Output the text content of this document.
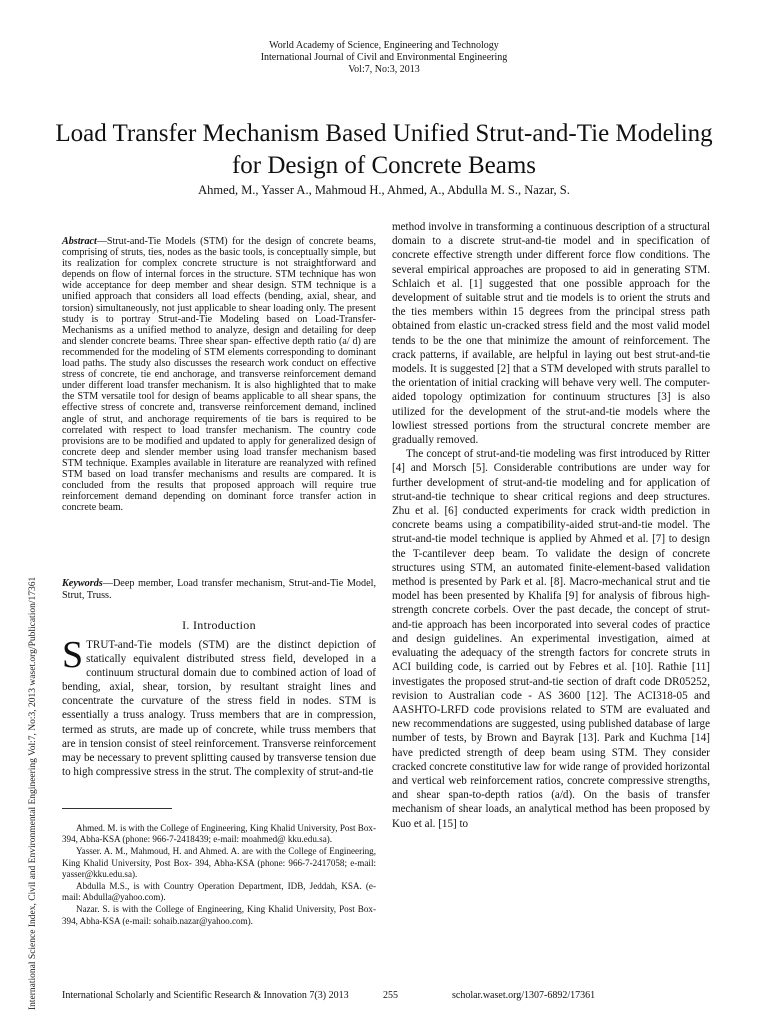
World Academy of Science, Engineering and Technology
International Journal of Civil and Environmental Engineering
Vol:7, No:3, 2013
Load Transfer Mechanism Based Unified Strut-and-Tie Modeling for Design of Concrete Beams
Ahmed, M., Yasser A., Mahmoud H., Ahmed, A., Abdulla M. S., Nazar, S.
International Science Index, Civil and Environmental Engineering Vol:7, No:3, 2013 waset.org/Publication/17361
Abstract—Strut-and-Tie Models (STM) for the design of concrete beams, comprising of struts, ties, nodes as the basic tools, is conceptually simple, but its realization for complex concrete structure is not straightforward and depends on flow of internal forces in the structure. STM technique has won wide acceptance for deep member and shear design. STM technique is a unified approach that considers all load effects (bending, axial, shear, and torsion) simultaneously, not just applicable to shear loading only. The present study is to portray Strut-and-Tie Modeling based on Load-Transfer-Mechanisms as a unified method to analyze, design and detailing for deep and slender concrete beams. Three shear span- effective depth ratio (a/ d) are recommended for the modeling of STM elements corresponding to dominant load paths. The study also discusses the research work conduct on effective stress of concrete, tie end anchorage, and transverse reinforcement demand under different load transfer mechanism. It is also highlighted that to make the STM versatile tool for design of beams applicable to all shear spans, the effective stress of concrete and, transverse reinforcement demand, inclined angle of strut, and anchorage requirements of tie bars is required to be correlated with respect to load transfer mechanism. The country code provisions are to be modified and updated to apply for generalized design of concrete deep and slender member using load transfer mechanism based STM technique. Examples available in literature are reanalyzed with refined STM based on load transfer mechanisms and results are compared. It is concluded from the results that proposed approach will require true reinforcement demand depending on dominant force transfer action in concrete beam.
Keywords—Deep member, Load transfer mechanism, Strut-and-Tie Model, Strut, Truss.
I. Introduction
STRUT-and-Tie models (STM) are the distinct depiction of statically equivalent distributed stress field, developed in a continuum structural domain due to combined action of load of bending, axial, shear, torsion, by resultant straight lines and concentrate the curvature of the stress field in nodes. STM is essentially a truss analogy. Truss members that are in compression, termed as struts, are made up of concrete, while truss members that are in tension consist of steel reinforcement. Transverse reinforcement may be necessary to prevent splitting caused by transverse tension due to high compressive stress in the strut. The complexity of strut-and-tie

Ahmed. M. is with the College of Engineering, King Khalid University, Post Box- 394, Abha-KSA (phone: 966-7-2418439; e-mail: moahmed@ kku.edu.sa).

Yasser. A. M., Mahmoud, H. and Ahmed. A. are with the College of Engineering, King Khalid University, Post Box- 394, Abha-KSA (phone: 966-7-2417058; e-mail: yasser@kku.edu.sa).

Abdulla M.S., is with Country Operation Department, IDB, Jeddah, KSA. (e-mail: Abdulla@yahoo.com).

Nazar. S. is with the College of Engineering, King Khalid University, Post Box- 394, Abha-KSA (e-mail: sohaib.nazar@yahoo.com).

method involve in transforming a continuous description of a structural domain to a discrete strut-and-tie model and in specification of concrete effective strength under different force flow conditions. The several empirical approaches are proposed to aid in generating STM. Schlaich et al. [1] suggested that one possible approach for the development of suitable strut and tie models is to orient the struts and the ties members within 15 degrees from the principal stress path obtained from elastic un-cracked stress field and the most valid model tends to be the one that minimize the amount of reinforcement. The crack patterns, if available, are helpful in laying out best strut-and-tie models. It is suggested [2] that a STM developed with struts parallel to the orientation of initial cracking will behave very well. The computer-aided topology optimization for continuum structures [3] is also utilized for the development of the strut-and-tie models where the lowliest stressed portions from the structural concrete member are gradually removed.

The concept of strut-and-tie modeling was first introduced by Ritter [4] and Morsch [5]. Considerable contributions are under way for further development of strut-and-tie modeling and for application of strut-and-tie technique to shear critical regions and deep structures. Zhu et al. [6] conducted experiments for crack width prediction in concrete beams using a compatibility-aided strut-and-tie model. The strut-and-tie model technique is applied by Ahmed et al. [7] to design the T-cantilever deep beam. To validate the design of concrete structures using STM, an automated finite-element-based validation method is presented by Park et al. [8]. Macro-mechanical strut and tie model has been presented by Khalifa [9] for analysis of fibrous high-strength concrete corbels. Over the past decade, the concept of strut-and-tie approach has been incorporated into several codes of practice and design guidelines. An experimental investigation, aimed at evaluating the adequacy of the strength factors for concrete struts in ACI building code, is carried out by Febres et al. [10]. Rathie [11] investigates the proposed strut-and-tie section of draft code DR05252, revision to Australian code - AS 3600 [12]. The ACI318-05 and AASHTO-LRFD code provisions related to STM are evaluated and new recommendations are suggested, using published database of large number of tests, by Brown and Bayrak [13]. Park and Kuchma [14] have predicted strength of deep beam using STM. They consider cracked concrete constitutive law for wide range of provided horizontal and vertical web reinforcement ratios, concrete compressive strengths, and shear span-to-depth ratios (a/d). On the basis of transfer mechanism of shear loads, an analytical method has been proposed by Kuo et al. [15] to

International Scholarly and Scientific Research & Innovation 7(3) 2013	255	scholar.waset.org/1307-6892/17361
